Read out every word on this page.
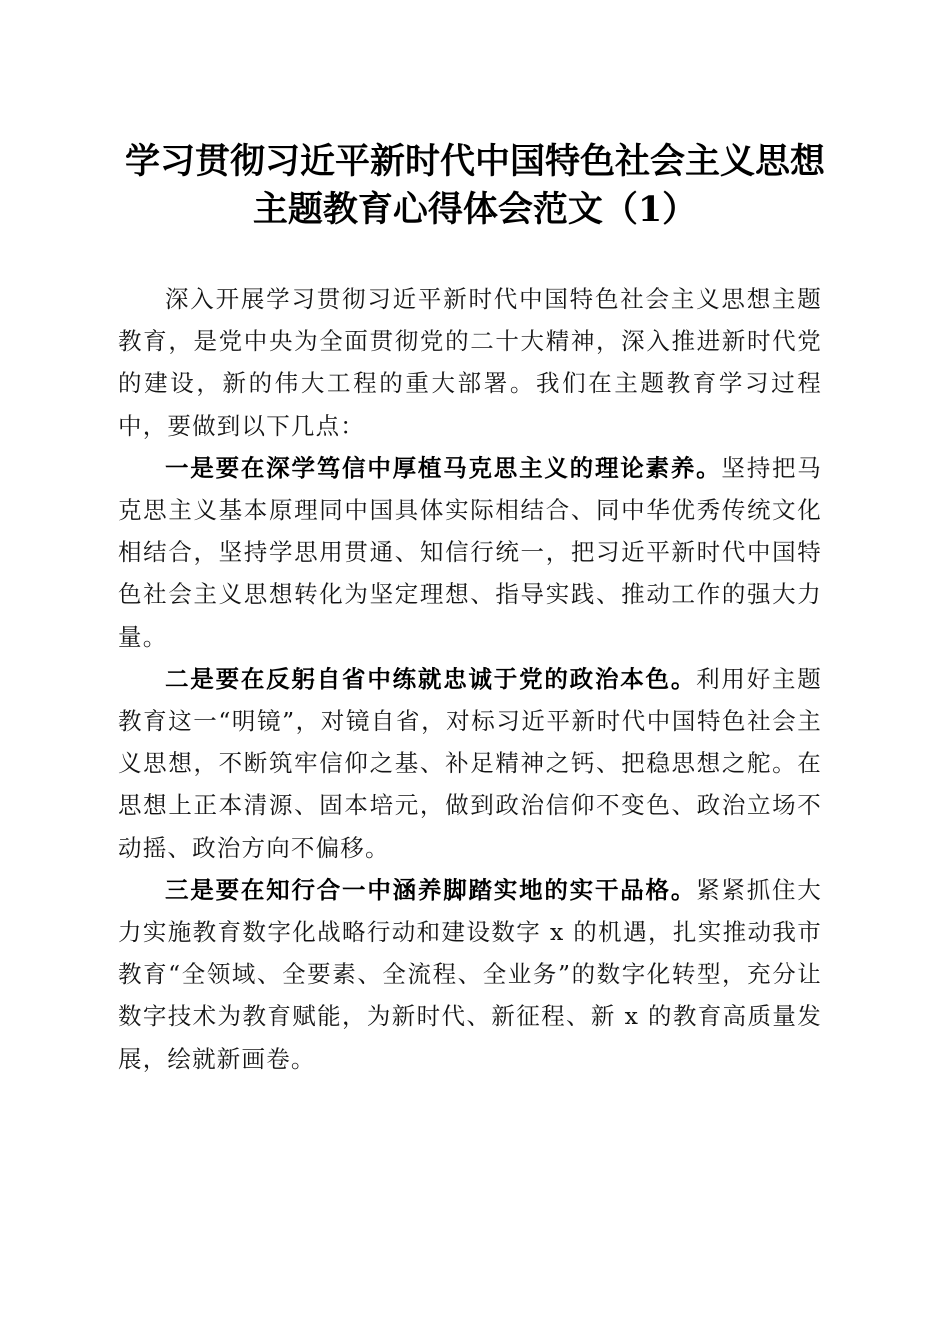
学习贯彻习近平新时代中国特色社会主义思想
主题教育心得体会范文（1）

深入开展学习贯彻习近平新时代中国特色社会主义思想主题教育，是党中央为全面贯彻党的二十大精神，深入推进新时代党的建设，新的伟大工程的重大部署。我们在主题教育学习过程中，要做到以下几点：

一是要在深学笃信中厚植马克思主义的理论素养。坚持把马克思主义基本原理同中国具体实际相结合、同中华优秀传统文化相结合，坚持学思用贯通、知信行统一，把习近平新时代中国特色社会主义思想转化为坚定理想、指导实践、推动工作的强大力量。

二是要在反躬自省中练就忠诚于党的政治本色。利用好主题教育这一“明镜”，对镜自省，对标习近平新时代中国特色社会主义思想，不断筑牢信仰之基、补足精神之钙、把稳思想之舵。在思想上正本清源、固本培元，做到政治信仰不变色、政治立场不动摇、政治方向不偏移。

三是要在知行合一中涵养脚踏实地的实干品格。紧紧抓住大力实施教育数字化战略行动和建设数字 x 的机遇，扎实推动我市教育“全领域、全要素、全流程、全业务”的数字化转型，充分让数字技术为教育赋能，为新时代、新征程、新 x 的教育高质量发展，绘就新画卷。
